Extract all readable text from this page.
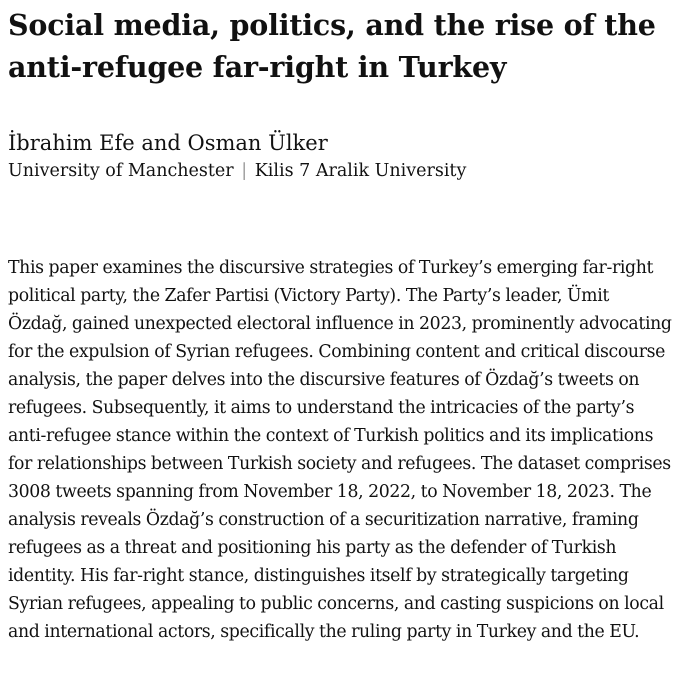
Social media, politics, and the rise of the anti-refugee far-right in Turkey
İbrahim Efe and Osman Ülker
University of Manchester | Kilis 7 Aralik University

This paper examines the discursive strategies of Turkey’s emerging far-right political party, the Zafer Partisi (Victory Party). The Party’s leader, Ümit Özdağ, gained unexpected electoral influence in 2023, prominently advocating for the expulsion of Syrian refugees. Combining content and critical discourse analysis, the paper delves into the discursive features of Özdağ’s tweets on refugees. Subsequently, it aims to understand the intricacies of the party’s anti-refugee stance within the context of Turkish politics and its implications for relationships between Turkish society and refugees. The dataset comprises 3008 tweets spanning from November 18, 2022, to November 18, 2023. The analysis reveals Özdağ’s construction of a securitization narrative, framing refugees as a threat and positioning his party as the defender of Turkish identity. His far-right stance, distinguishes itself by strategically targeting Syrian refugees, appealing to public concerns, and casting suspicions on local and international actors, specifically the ruling party in Turkey and the EU.
